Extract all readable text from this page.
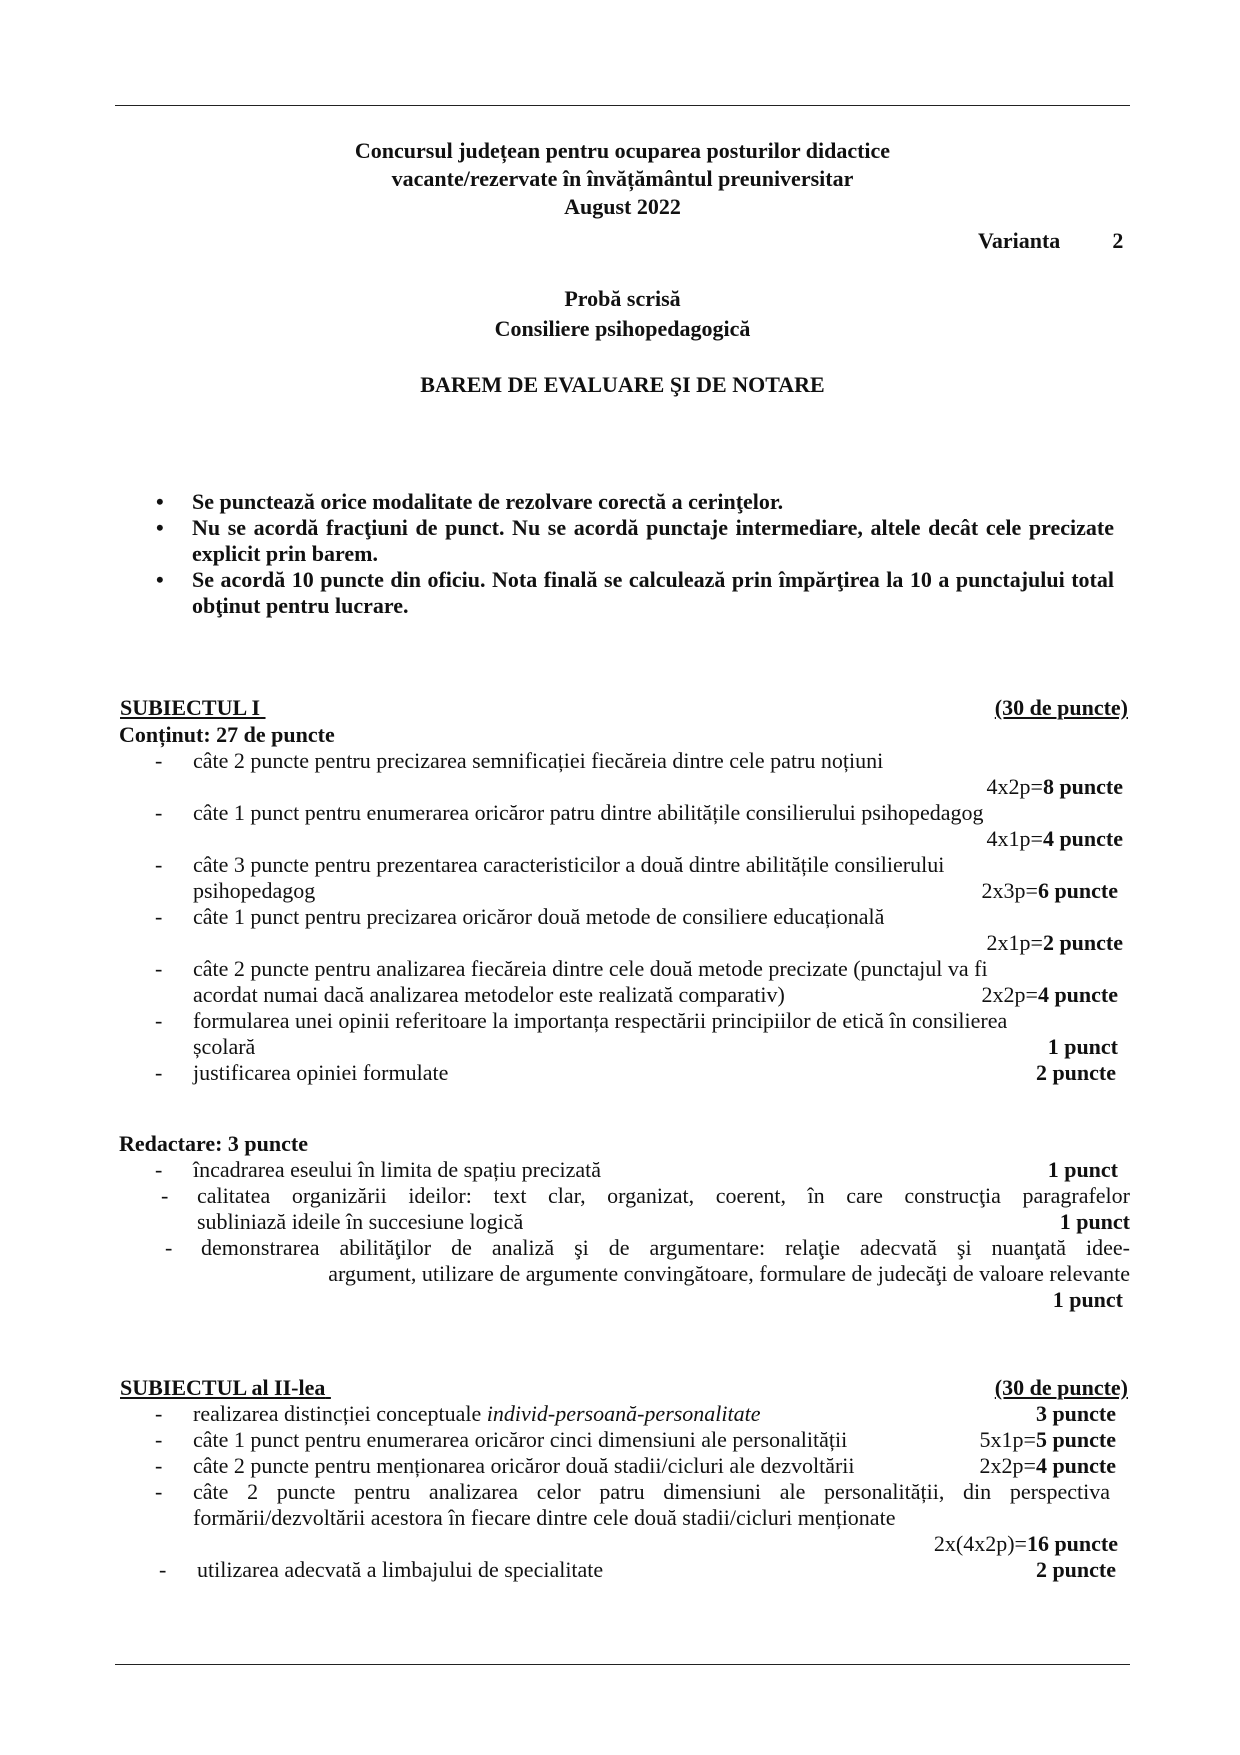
Concursul județean pentru ocuparea posturilor didactice
vacante/rezervate în învățământul preuniversitar
August 2022
Varianta 2
Probă scrisă
Consiliere psihopedagogică
BAREM DE EVALUARE ŞI DE NOTARE
• Se punctează orice modalitate de rezolvare corectă a cerinţelor.
• Nu se acordă fracţiuni de punct. Nu se acordă punctaje intermediare, altele decât cele precizate explicit prin barem.
• Se acordă 10 puncte din oficiu. Nota finală se calculează prin împărţirea la 10 a punctajului total obţinut pentru lucrare.
SUBIECTUL I
	(30 de puncte)
Conținut: 27 de puncte
- câte 2 puncte pentru precizarea semnificației fiecăreia dintre cele patru noțiuni
4x2p=8 puncte
- câte 1 punct pentru enumerarea oricăror patru dintre abilitățile consilierului psihopedagog
4x1p=4 puncte
- câte 3 puncte pentru prezentarea caracteristicilor a două dintre abilitățile consilierului
psihopedagog	2x3p=6 puncte
- câte 1 punct pentru precizarea oricăror două metode de consiliere educațională
2x1p=2 puncte
- câte 2 puncte pentru analizarea fiecăreia dintre cele două metode precizate (punctajul va fi
acordat numai dacă analizarea metodelor este realizată comparativ)	2x2p=4 puncte
- formularea unei opinii referitoare la importanța respectării principiilor de etică în consilierea
școlară	1 punct
- justificarea opiniei formulate	2 puncte
Redactare: 3 puncte
- încadrarea eseului în limita de spațiu precizată	1 punct
- calitatea organizării ideilor: text clar, organizat, coerent, în care construcţia paragrafelor
subliniază ideile în succesiune logică	1 punct
- demonstrarea abilităţilor de analiză şi de argumentare: relaţie adecvată şi nuanţată idee-
argument, utilizare de argumente convingătoare, formulare de judecăţi de valoare relevante
1 punct
SUBIECTUL al II-lea
	(30 de puncte)
- realizarea distincției conceptuale individ-persoană-personalitate	3 puncte
- câte 1 punct pentru enumerarea oricăror cinci dimensiuni ale personalității	5x1p=5 puncte
- câte 2 puncte pentru menționarea oricăror două stadii/cicluri ale dezvoltării	2x2p=4 puncte
- câte 2 puncte pentru analizarea celor patru dimensiuni ale personalității, din perspectiva
formării/dezvoltării acestora în fiecare dintre cele două stadii/cicluri menționate
2x(4x2p)=16 puncte
- utilizarea adecvată a limbajului de specialitate	2 puncte
